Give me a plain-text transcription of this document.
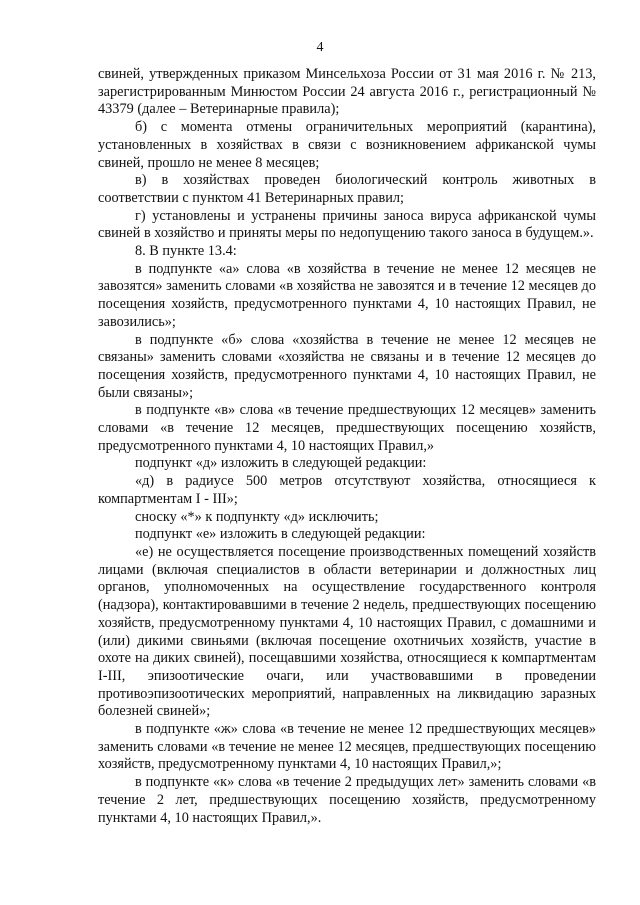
4

свиней, утвержденных приказом Минсельхоза России от 31 мая 2016 г. № 213, зарегистрированным Минюстом России 24 августа 2016 г., регистрационный № 43379 (далее – Ветеринарные правила);

б) с момента отмены ограничительных мероприятий (карантина), установленных в хозяйствах в связи с возникновением африканской чумы свиней, прошло не менее 8 месяцев;

в) в хозяйствах проведен биологический контроль животных в соответствии с пунктом 41 Ветеринарных правил;

г) установлены и устранены причины заноса вируса африканской чумы свиней в хозяйство и приняты меры по недопущению такого заноса в будущем.».

8. В пункте 13.4:

в подпункте «а» слова «в хозяйства в течение не менее 12 месяцев не завозятся» заменить словами «в хозяйства не завозятся и в течение 12 месяцев до посещения хозяйств, предусмотренного пунктами 4, 10 настоящих Правил, не завозились»;

в подпункте «б» слова «хозяйства в течение не менее 12 месяцев не связаны» заменить словами «хозяйства не связаны и в течение 12 месяцев до посещения хозяйств, предусмотренного пунктами 4, 10 настоящих Правил, не были связаны»;

в подпункте «в» слова «в течение предшествующих 12 месяцев» заменить словами «в течение 12 месяцев, предшествующих посещению хозяйств, предусмотренного пунктами 4, 10 настоящих Правил,»

подпункт «д» изложить в следующей редакции:

«д) в радиусе 500 метров отсутствуют хозяйства, относящиеся к компартментам I - III»;

сноску «*» к подпункту «д» исключить;

подпункт «е» изложить в следующей редакции:

«е) не осуществляется посещение производственных помещений хозяйств лицами (включая специалистов в области ветеринарии и должностных лиц органов, уполномоченных на осуществление государственного контроля (надзора), контактировавшими в течение 2 недель, предшествующих посещению хозяйств, предусмотренному пунктами 4, 10 настоящих Правил, с домашними и (или) дикими свиньями (включая посещение охотничьих хозяйств, участие в охоте на диких свиней), посещавшими хозяйства, относящиеся к компартментам I-III, эпизоотические очаги, или участвовавшими в проведении противоэпизоотических мероприятий, направленных на ликвидацию заразных болезней свиней»;

в подпункте «ж» слова «в течение не менее 12 предшествующих месяцев» заменить словами «в течение не менее 12 месяцев, предшествующих посещению хозяйств, предусмотренному пунктами 4, 10 настоящих Правил,»;

в подпункте «к» слова «в течение 2 предыдущих лет» заменить словами «в течение 2 лет, предшествующих посещению хозяйств, предусмотренному пунктами 4, 10 настоящих Правил,».
